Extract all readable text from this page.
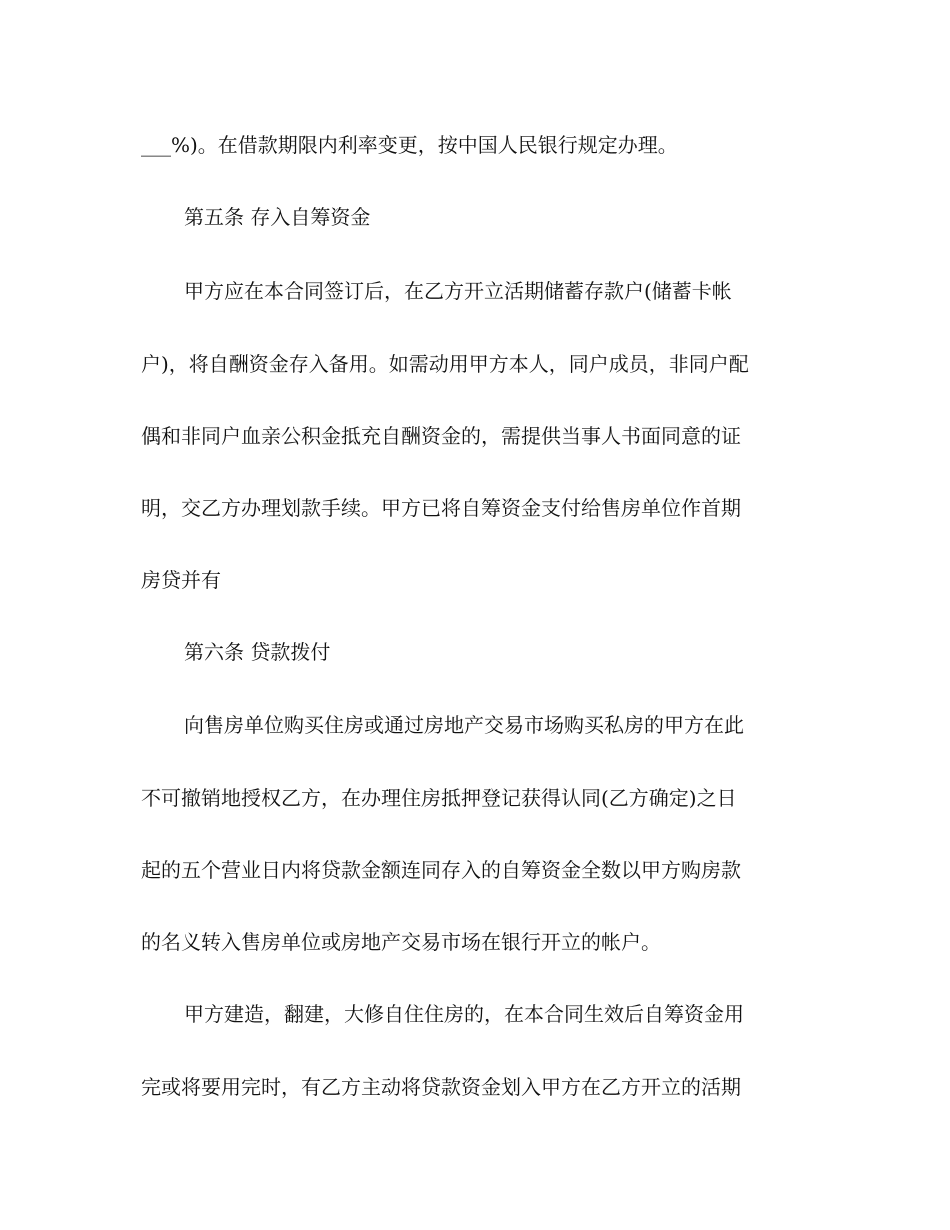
___%)。在借款期限内利率变更，按中国人民银行规定办理。

第五条 存入自筹资金

甲方应在本合同签订后，在乙方开立活期储蓄存款户(储蓄卡帐

户)，将自酬资金存入备用。如需动用甲方本人，同户成员，非同户配

偶和非同户血亲公积金抵充自酬资金的，需提供当事人书面同意的证

明，交乙方办理划款手续。甲方已将自筹资金支付给售房单位作首期

房贷并有

第六条 贷款拨付

向售房单位购买住房或通过房地产交易市场购买私房的甲方在此

不可撤销地授权乙方，在办理住房抵押登记获得认同(乙方确定)之日

起的五个营业日内将贷款金额连同存入的自筹资金全数以甲方购房款

的名义转入售房单位或房地产交易市场在银行开立的帐户。

甲方建造，翻建，大修自住住房的，在本合同生效后自筹资金用

完或将要用完时，有乙方主动将贷款资金划入甲方在乙方开立的活期
